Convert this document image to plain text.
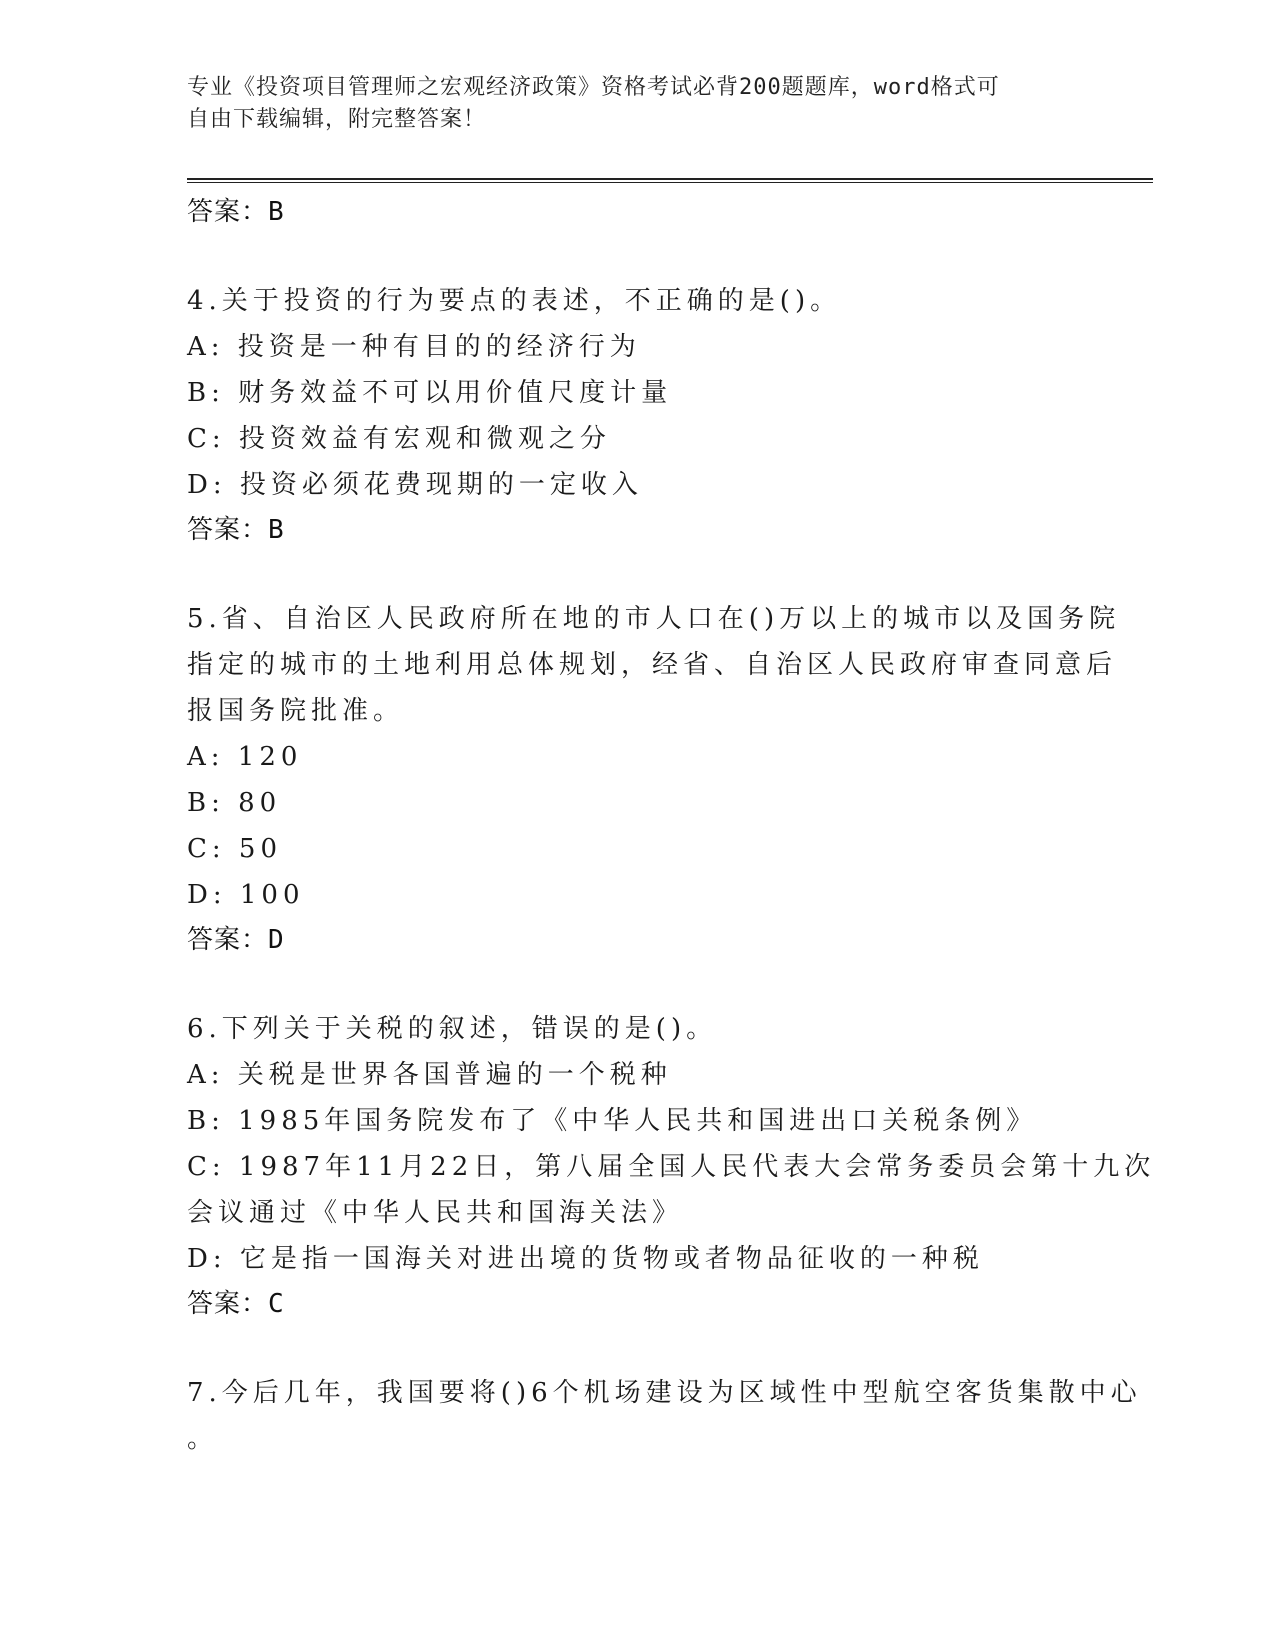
专业《投资项目管理师之宏观经济政策》资格考试必背200题题库，word格式可

自由下载编辑，附完整答案！

答案：B

4.关于投资的行为要点的表述，不正确的是()。

A: 投资是一种有目的的经济行为

B: 财务效益不可以用价值尺度计量

C: 投资效益有宏观和微观之分

D: 投资必须花费现期的一定收入

答案：B

5.省、自治区人民政府所在地的市人口在()万以上的城市以及国务院

指定的城市的土地利用总体规划，经省、自治区人民政府审查同意后

报国务院批准。

A: 120

B: 80

C: 50

D: 100

答案：D

6.下列关于关税的叙述，错误的是()。

A: 关税是世界各国普遍的一个税种

B: 1985年国务院发布了《中华人民共和国进出口关税条例》

C: 1987年11月22日，第八届全国人民代表大会常务委员会第十九次

会议通过《中华人民共和国海关法》

D: 它是指一国海关对进出境的货物或者物品征收的一种税

答案：C

7.今后几年，我国要将()6个机场建设为区域性中型航空客货集散中心

。
